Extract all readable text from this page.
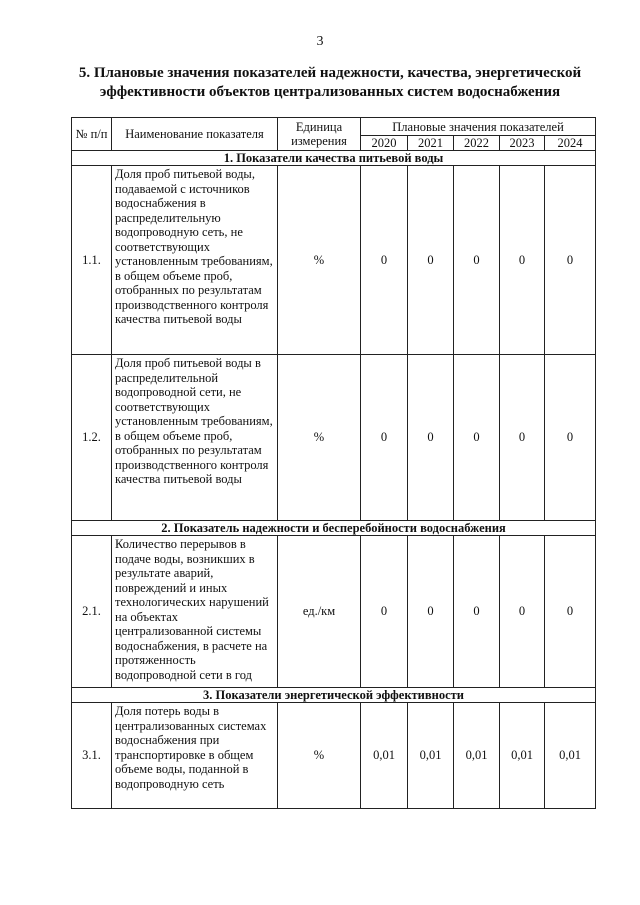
3
5. Плановые значения показателей надежности, качества, энергетической
эффективности объектов централизованных систем водоснабжения
№ п/п	Наименование показателя	Единица измерения	Плановые значения показателей				
			2020	2021	2022	2023	2024
1. Показатели качества питьевой воды							
1.1.	Доля проб питьевой воды, подаваемой с источников водоснабжения в распределительную водопроводную сеть, не соответствующих установленным требованиям, в общем объеме проб, отобранных по результатам производственного контроля качества питьевой воды	%	0	0	0	0	0
1.2.	Доля проб питьевой воды в распределительной водопроводной сети, не соответствующих установленным требованиям, в общем объеме проб, отобранных по результатам производственного контроля качества питьевой воды	%	0	0	0	0	0
2. Показатель надежности и бесперебойности водоснабжения							
2.1.	Количество перерывов в подаче воды, возникших в результате аварий, повреждений и иных технологических нарушений на объектах централизованной системы водоснабжения, в расчете на протяженность водопроводной сети в год	ед./км	0	0	0	0	0
3. Показатели энергетической эффективности							
3.1.	Доля потерь воды в централизованных системах водоснабжения при транспортировке в общем объеме воды, поданной в водопроводную сеть	%	0,01	0,01	0,01	0,01	0,01
